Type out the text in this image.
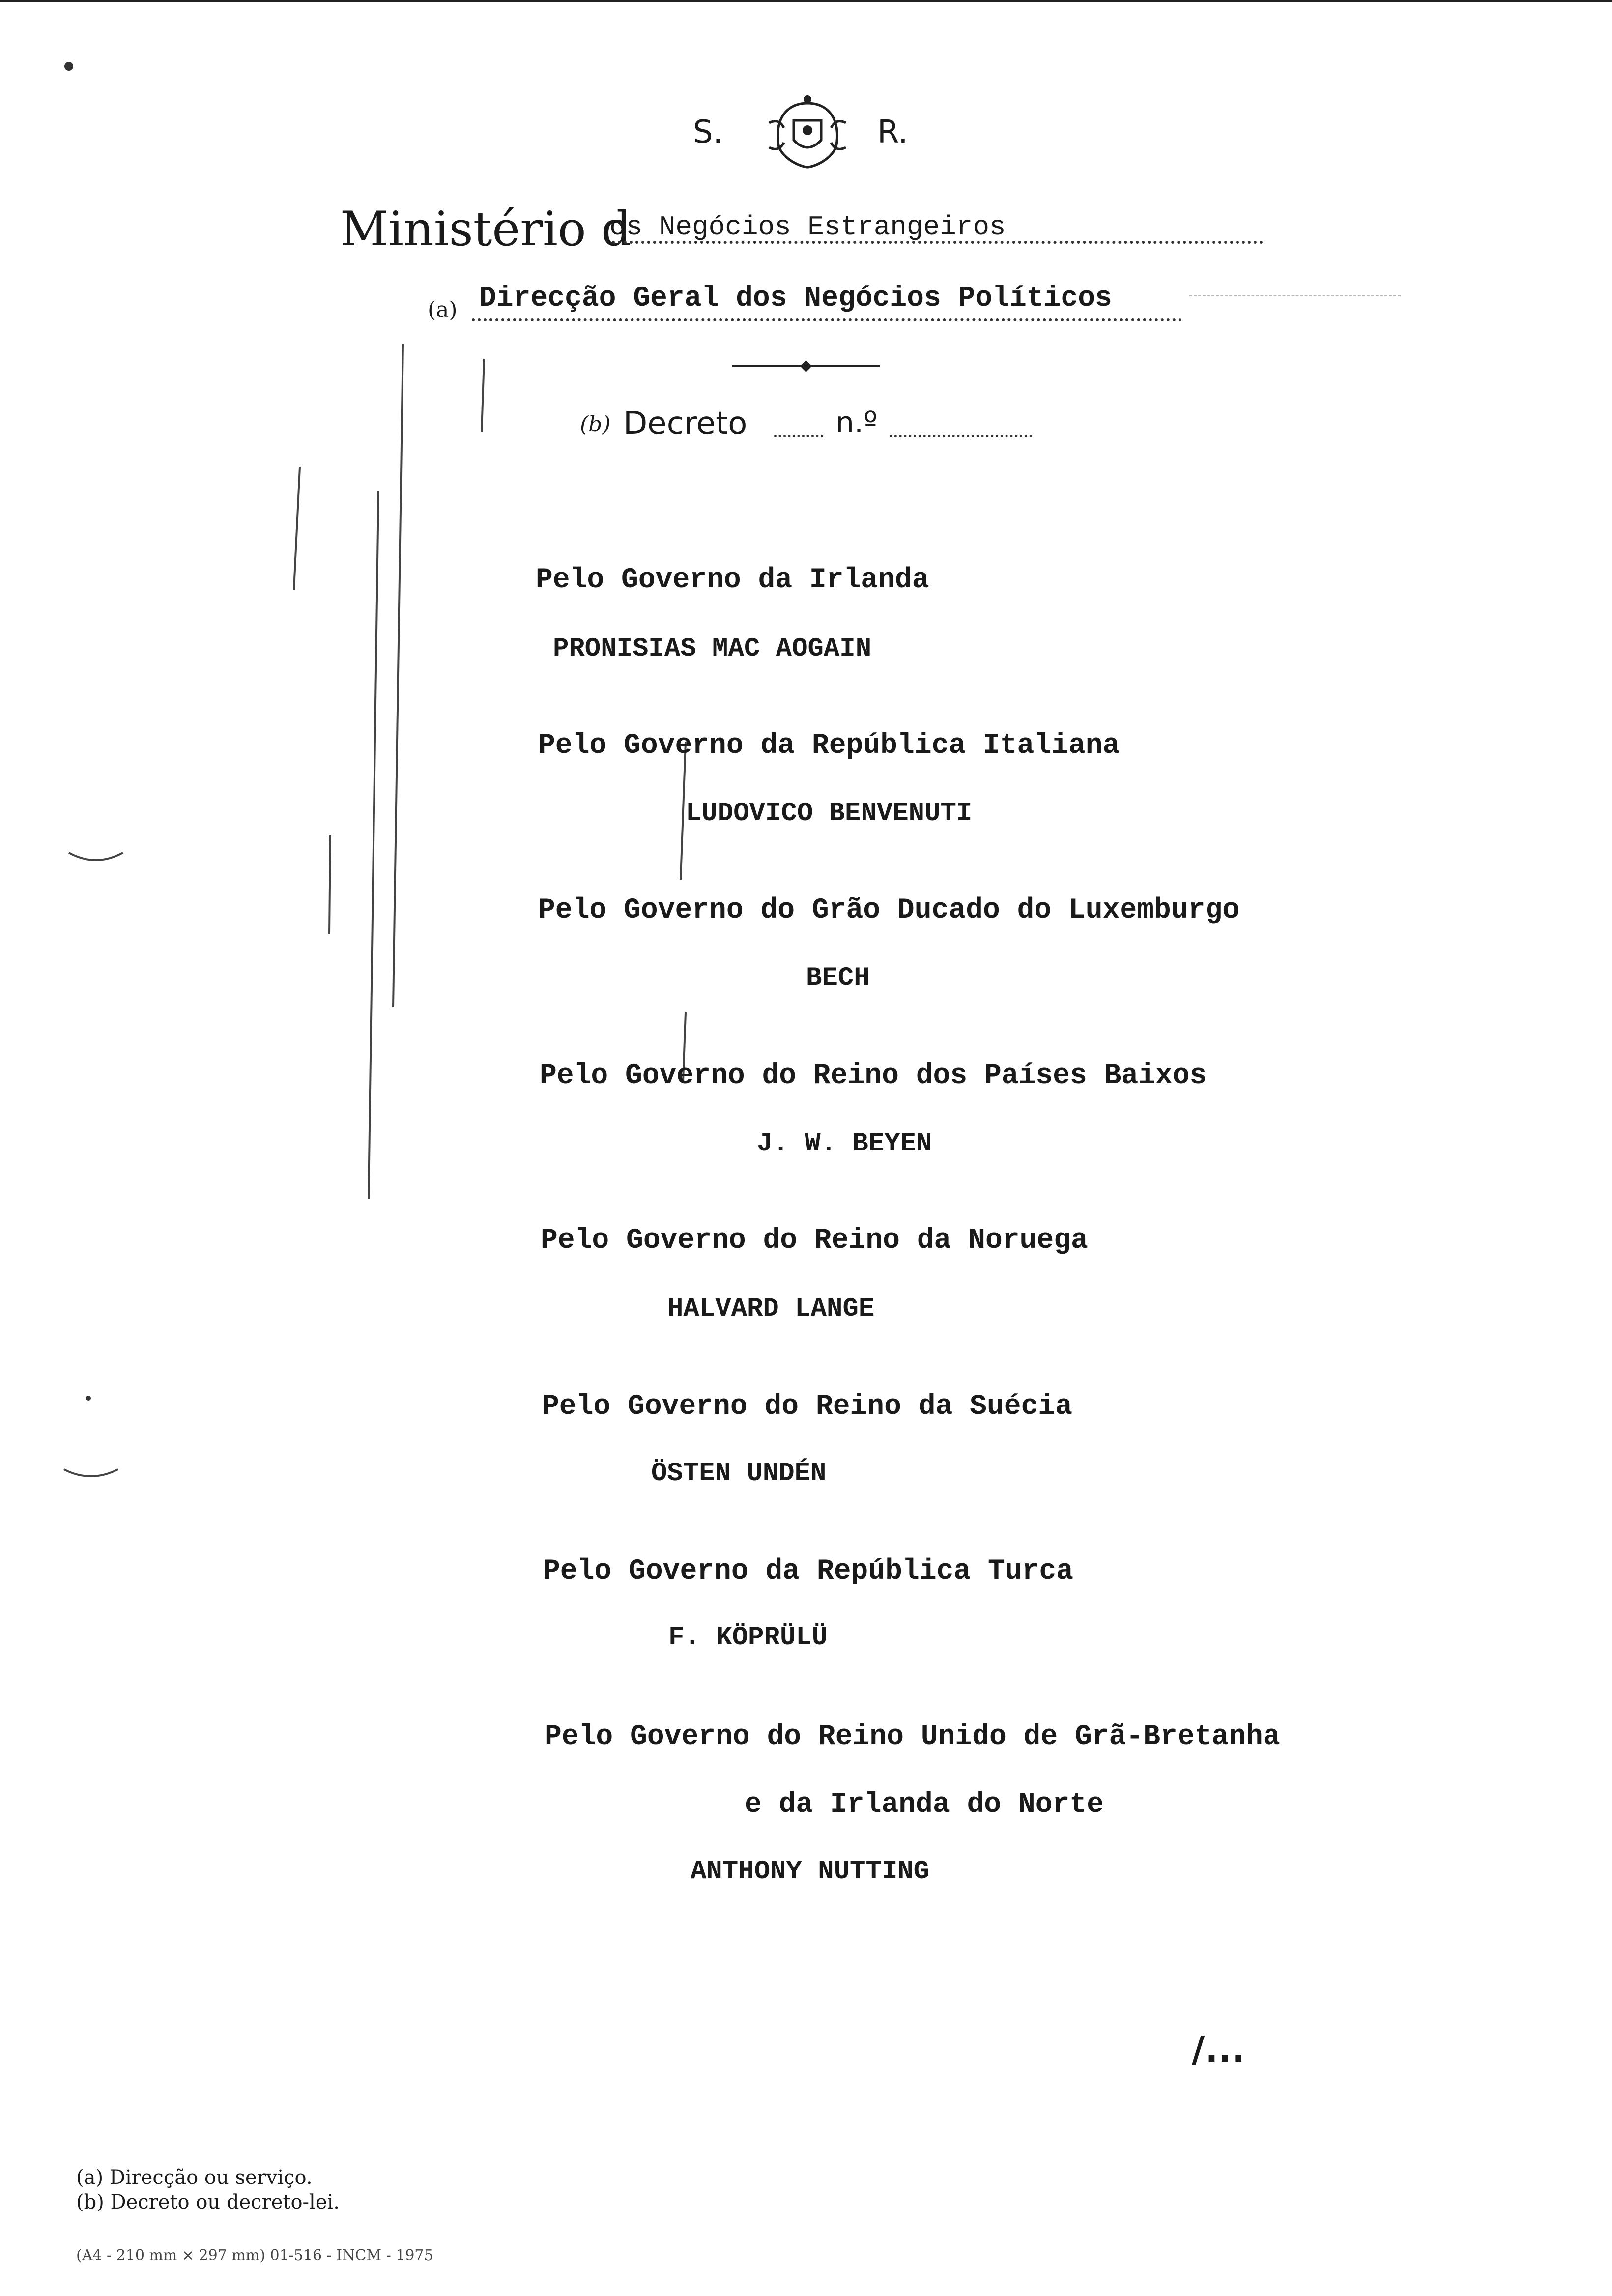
S.	R.
Ministério d
os Negócios Estrangeiros
(a) Direcção Geral dos Negócios Políticos
(b) Decreto	n.º
Pelo Governo da Irlanda
PRONISIAS MAC AOGAIN
Pelo Governo da República Italiana
LUDOVICO BENVENUTI
Pelo Governo do Grão Ducado do Luxemburgo
BECH
Pelo Governo do Reino dos Países Baixos
J. W. BEYEN
Pelo Governo do Reino da Noruega
HALVARD LANGE
Pelo Governo do Reino da Suécia
ÖSTEN UNDÉN
Pelo Governo da República Turca
F. KÖPRÜLÜ
Pelo Governo do Reino Unido de Grã-Bretanha
e da Irlanda do Norte
ANTHONY NUTTING
/...
(a) Direcção ou serviço.
(b) Decreto ou decreto-lei.
(A4 - 210 mm × 297 mm) 01-516 - INCM - 1975
